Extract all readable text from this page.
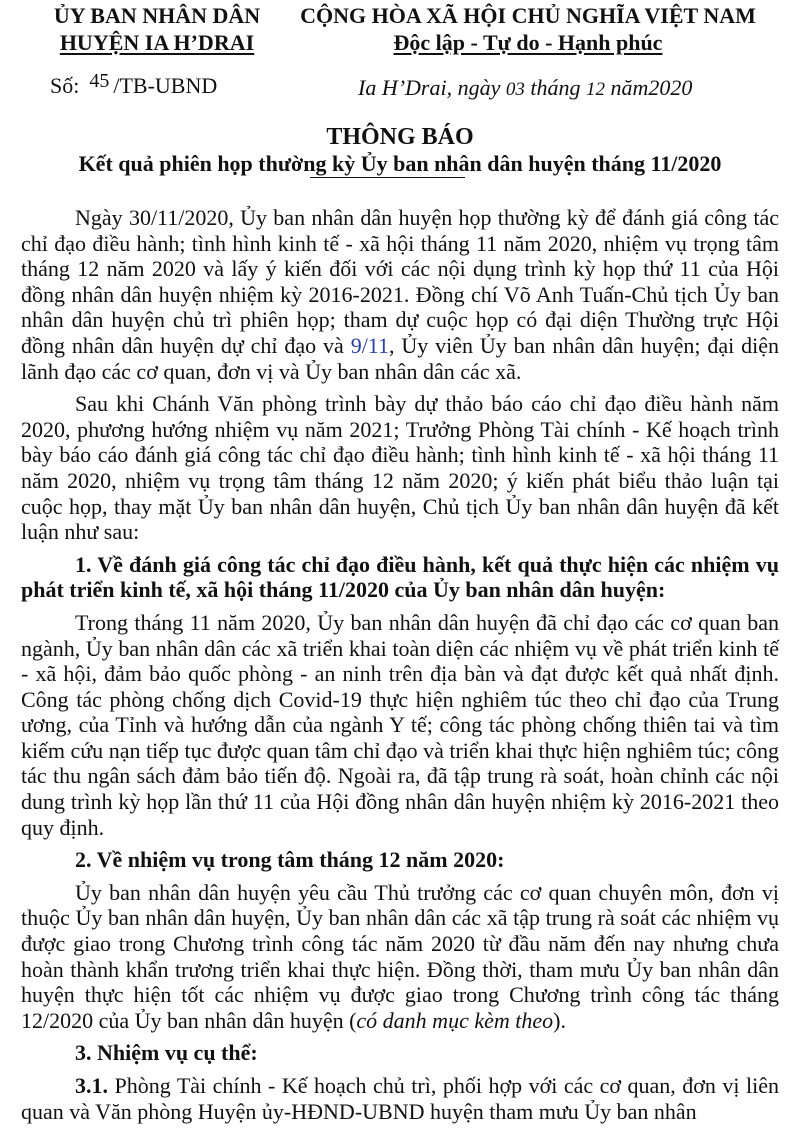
ỦY BAN NHÂN DÂN
HUYỆN IA H’DRAI
CỘNG HÒA XÃ HỘI CHỦ NGHĨA VIỆT NAM
Độc lập - Tự do - Hạnh phúc
Số: 45 /TB-UBND	Ia H’Drai, ngày 03 tháng 12 năm2020
THÔNG BÁO
Kết quả phiên họp thường kỳ Ủy ban nhân dân huyện tháng 11/2020

Ngày 30/11/2020, Ủy ban nhân dân huyện họp thường kỳ để đánh giá công tác chỉ đạo điều hành; tình hình kinh tế - xã hội tháng 11 năm 2020, nhiệm vụ trọng tâm tháng 12 năm 2020 và lấy ý kiến đối với các nội dụng trình kỳ họp thứ 11 của Hội đồng nhân dân huyện nhiệm kỳ 2016-2021. Đồng chí Võ Anh Tuấn-Chủ tịch Ủy ban nhân dân huyện chủ trì phiên họp; tham dự cuộc họp có đại diện Thường trực Hội đồng nhân dân huyện dự chỉ đạo và 9/11, Ủy viên Ủy ban nhân dân huyện; đại diện lãnh đạo các cơ quan, đơn vị và Ủy ban nhân dân các xã.

Sau khi Chánh Văn phòng trình bày dự thảo báo cáo chỉ đạo điều hành năm 2020, phương hướng nhiệm vụ năm 2021; Trưởng Phòng Tài chính - Kế hoạch trình bày báo cáo đánh giá công tác chỉ đạo điều hành; tình hình kinh tế - xã hội tháng 11 năm 2020, nhiệm vụ trọng tâm tháng 12 năm 2020; ý kiến phát biểu thảo luận tại cuộc họp, thay mặt Ủy ban nhân dân huyện, Chủ tịch Ủy ban nhân dân huyện đã kết luận như sau:

1. Về đánh giá công tác chỉ đạo điều hành, kết quả thực hiện các nhiệm vụ phát triển kinh tế, xã hội tháng 11/2020 của Ủy ban nhân dân huyện:

Trong tháng 11 năm 2020, Ủy ban nhân dân huyện đã chỉ đạo các cơ quan ban ngành, Ủy ban nhân dân các xã triển khai toàn diện các nhiệm vụ về phát triển kinh tế - xã hội, đảm bảo quốc phòng - an ninh trên địa bàn và đạt được kết quả nhất định. Công tác phòng chống dịch Covid-19 thực hiện nghiêm túc theo chỉ đạo của Trung ương, của Tỉnh và hướng dẫn của ngành Y tế; công tác phòng chống thiên tai và tìm kiếm cứu nạn tiếp tục được quan tâm chỉ đạo và triển khai thực hiện nghiêm túc; công tác thu ngân sách đảm bảo tiến độ. Ngoài ra, đã tập trung rà soát, hoàn chỉnh các nội dung trình kỳ họp lần thứ 11 của Hội đồng nhân dân huyện nhiệm kỳ 2016-2021 theo quy định.

2. Về nhiệm vụ trong tâm tháng 12 năm 2020:

Ủy ban nhân dân huyện yêu cầu Thủ trưởng các cơ quan chuyên môn, đơn vị thuộc Ủy ban nhân dân huyện, Ủy ban nhân dân các xã tập trung rà soát các nhiệm vụ được giao trong Chương trình công tác năm 2020 từ đầu năm đến nay nhưng chưa hoàn thành khẩn trương triển khai thực hiện. Đồng thời, tham mưu Ủy ban nhân dân huyện thực hiện tốt các nhiệm vụ được giao trong Chương trình công tác tháng 12/2020 của Ủy ban nhân dân huyện (có danh mục kèm theo).

3. Nhiệm vụ cụ thể:

3.1. Phòng Tài chính - Kế hoạch chủ trì, phối hợp với các cơ quan, đơn vị liên quan và Văn phòng Huyện ủy-HĐND-UBND huyện tham mưu Ủy ban nhân
